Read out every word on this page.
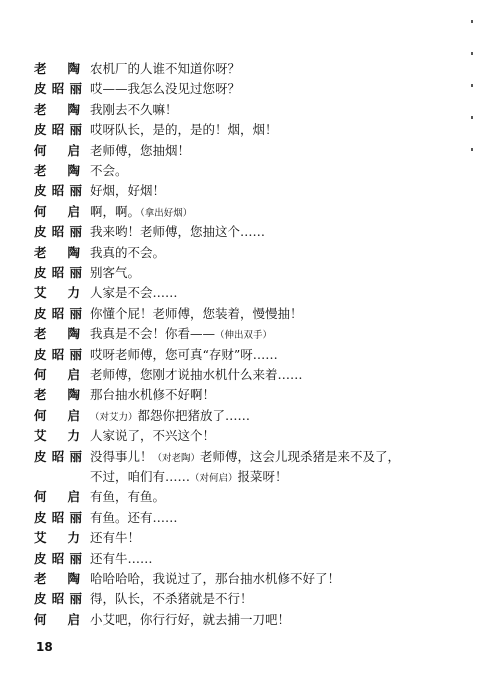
老 陶 农机厂的人谁不知道你呀？
皮 昭 丽 哎——我怎么没见过您呀？
老 陶 我刚去不久嘛！
皮 昭 丽 哎呀队长，是的，是的！烟，烟！
何 启 老师傅，您抽烟！
老 陶 不会。
皮 昭 丽 好烟，好烟！
何 启 啊，啊。（拿出好烟）
皮 昭 丽 我来哟！老师傅，您抽这个……
老 陶 我真的不会。
皮 昭 丽 别客气。
艾 力 人家是不会……
皮 昭 丽 你懂个屁！老师傅，您装着，慢慢抽！
老 陶 我真是不会！你看——（伸出双手）
皮 昭 丽 哎呀老师傅，您可真“存财”呀……
何 启 老师傅，您刚才说抽水机什么来着……
老 陶 那台抽水机修不好啊！
何 启 （对艾力）都怨你把猪放了……
艾 力 人家说了，不兴这个！
皮 昭 丽 没得事儿！（对老陶）老师傅，这会儿现杀猪是来不及了，
不过，咱们有……（对何启）报菜呀！
何 启 有鱼，有鱼。
皮 昭 丽 有鱼。还有……
艾 力 还有牛！
皮 昭 丽 还有牛……
老 陶 哈哈哈哈，我说过了，那台抽水机修不好了！
皮 昭 丽 得，队长，不杀猪就是不行！
何 启 小艾吧，你行行好，就去捕一刀吧！
18
